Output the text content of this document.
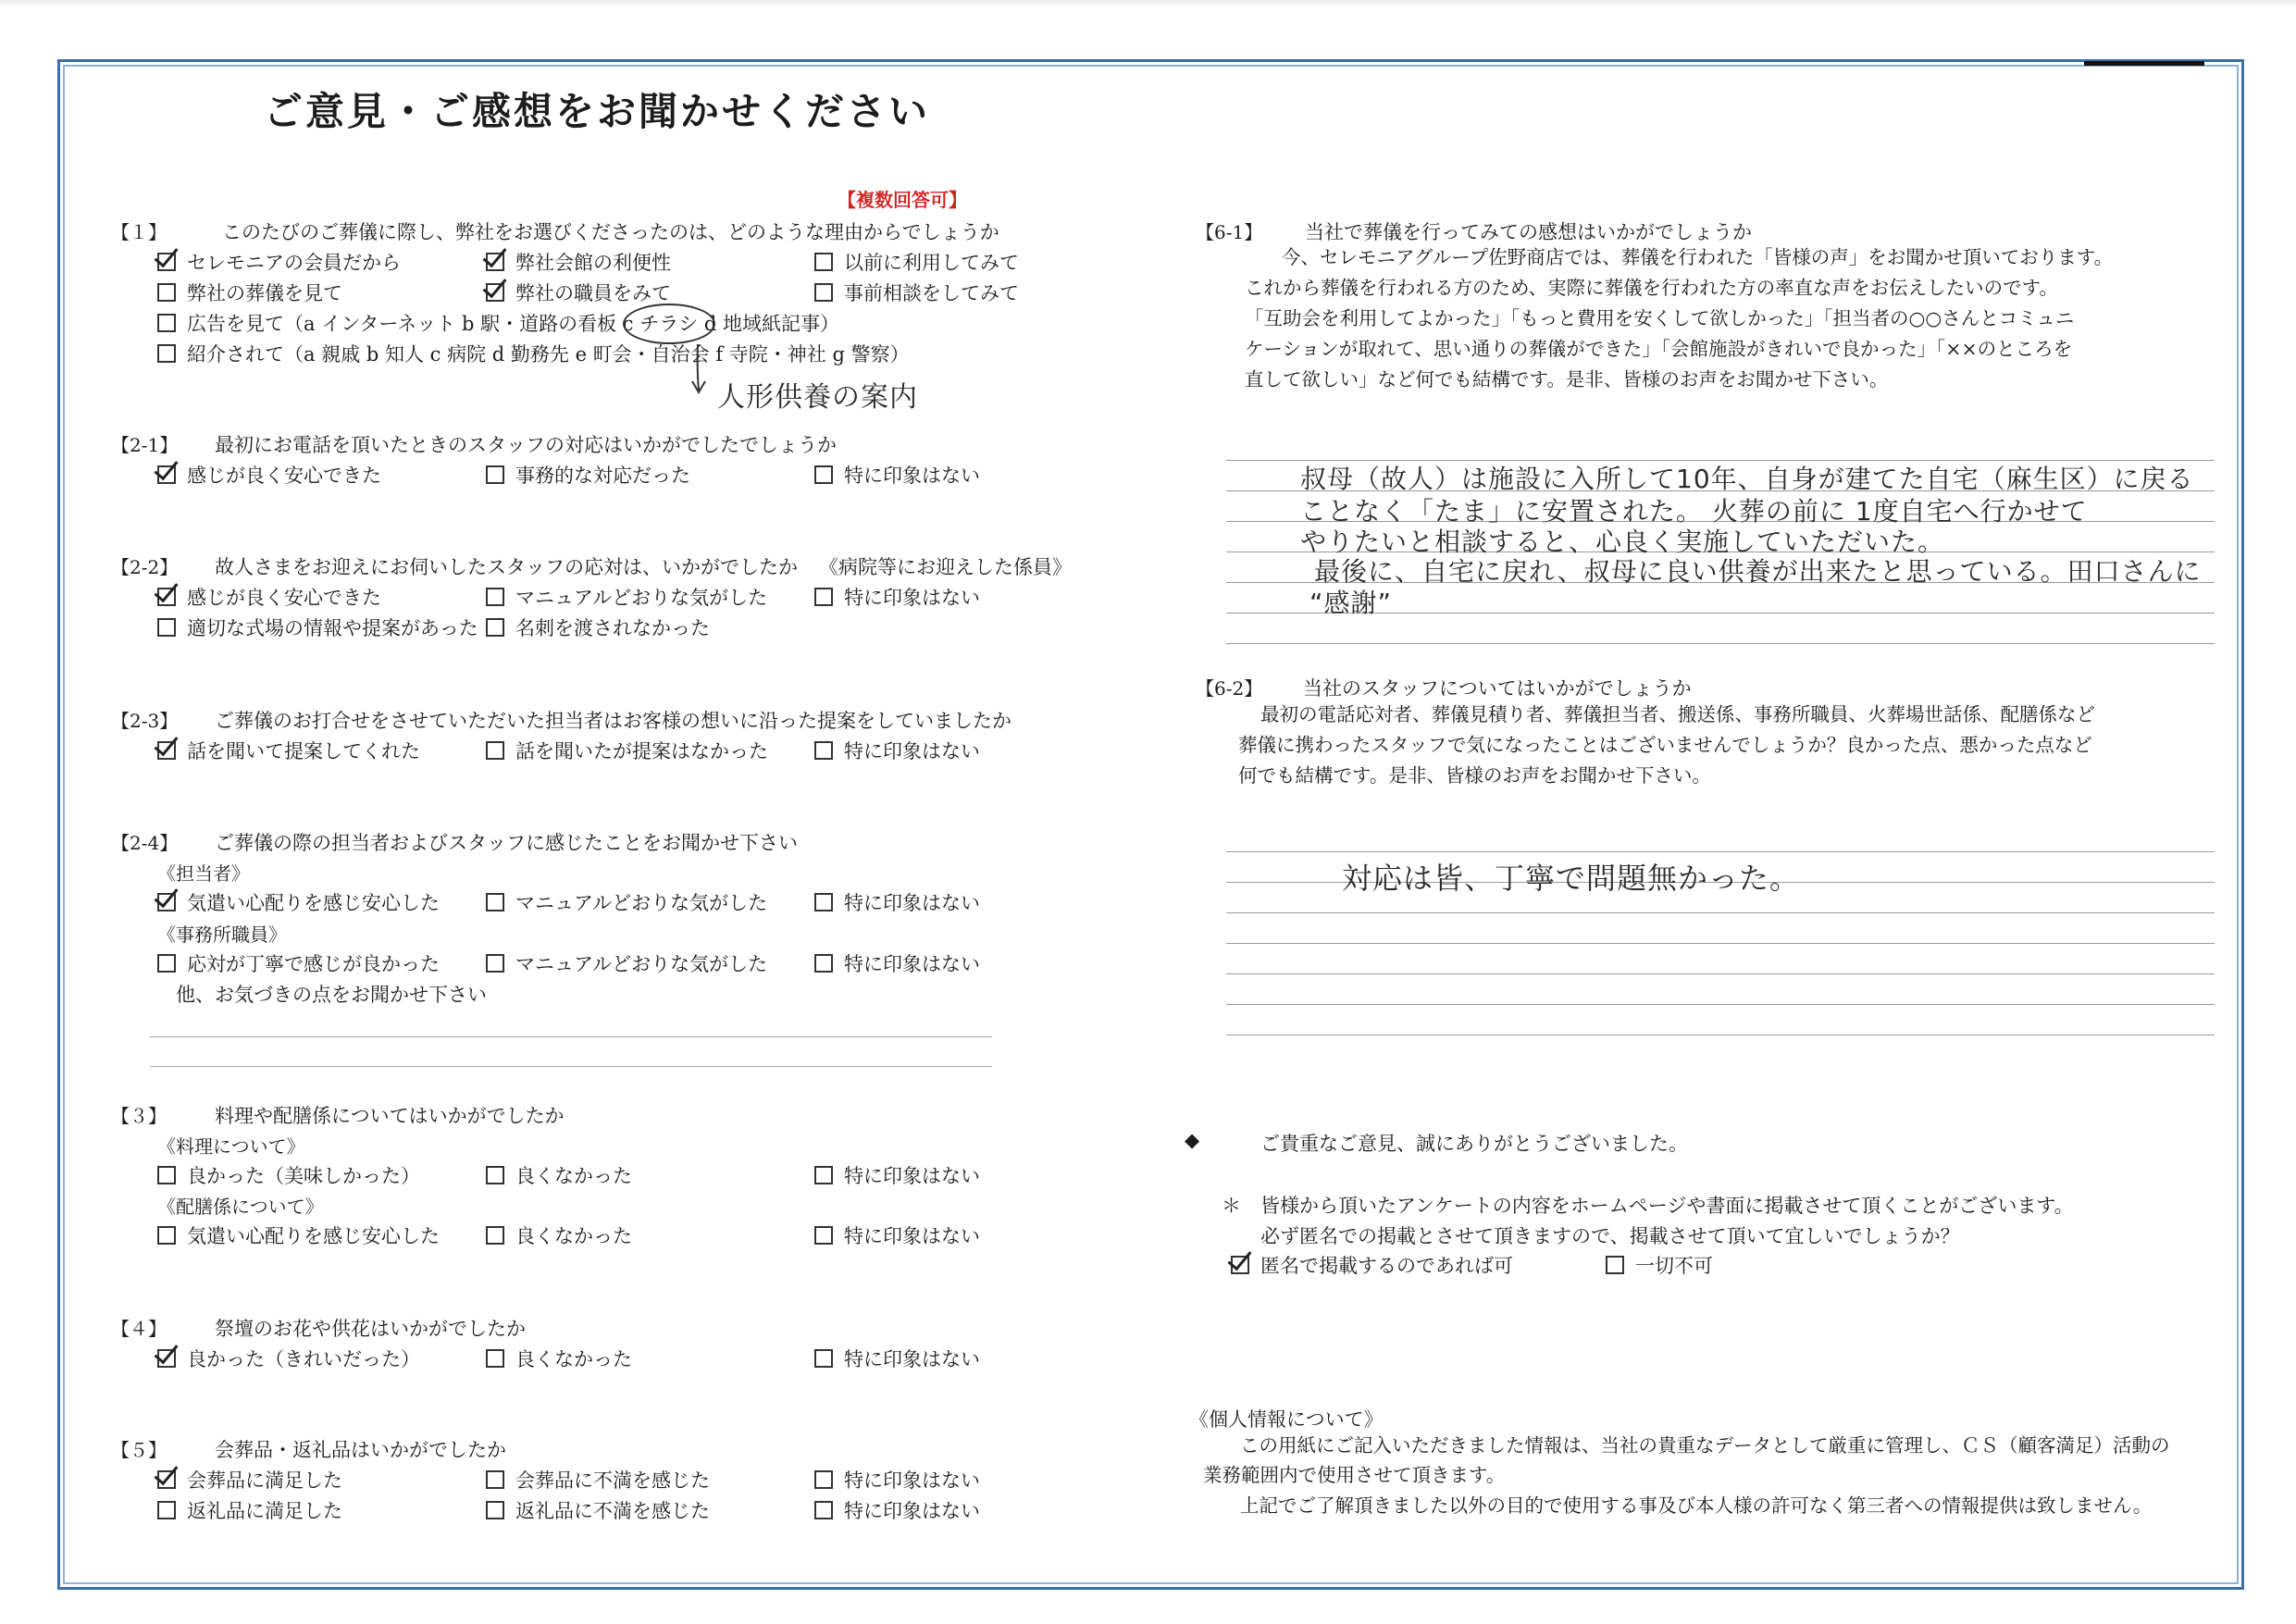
ご意見・ご感想をお聞かせください
【複数回答可】
【１】	このたびのご葬儀に際し、弊社をお選びくださったのは、どのような理由からでしょうか
セレモニアの会員だから	弊社会館の利便性	以前に利用してみて
弊社の葬儀を見て	弊社の職員をみて	事前相談をしてみて
広告を見て（a インターネット b 駅・道路の看板 c チラシ d 地域紙記事）
紹介されて（a 親戚 b 知人 c 病院 d 勤務先 e 町会・自治会 f 寺院・神社 g 警察）
人形供養の案内
【2-1】 最初にお電話を頂いたときのスタッフの対応はいかがでしたでしょうか
感じが良く安心できた	事務的な対応だった	特に印象はない
【2-2】 故人さまをお迎えにお伺いしたスタッフの応対は、いかがでしたか 《病院等にお迎えした係員》
感じが良く安心できた	マニュアルどおりな気がした	特に印象はない
適切な式場の情報や提案があった	名刺を渡されなかった
【2-3】 ご葬儀のお打合せをさせていただいた担当者はお客様の想いに沿った提案をしていましたか
話を聞いて提案してくれた	話を聞いたが提案はなかった	特に印象はない
【2-4】 ご葬儀の際の担当者およびスタッフに感じたことをお聞かせ下さい
《担当者》
気遣い心配りを感じ安心した	マニュアルどおりな気がした	特に印象はない
《事務所職員》
応対が丁寧で感じが良かった	マニュアルどおりな気がした	特に印象はない
他、お気づきの点をお聞かせ下さい
【３】 料理や配膳係についてはいかがでしたか
《料理について》
良かった（美味しかった）	良くなかった	特に印象はない
《配膳係について》
気遣い心配りを感じ安心した	良くなかった	特に印象はない
【４】 祭壇のお花や供花はいかがでしたか
良かった（きれいだった）	良くなかった	特に印象はない
【５】 会葬品・返礼品はいかがでしたか
会葬品に満足した	会葬品に不満を感じた	特に印象はない
返礼品に満足した	返礼品に不満を感じた	特に印象はない
【6-1】 当社で葬儀を行ってみての感想はいかがでしょうか
今、セレモニアグループ佐野商店では、葬儀を行われた「皆様の声」をお聞かせ頂いております。
これから葬儀を行われる方のため、実際に葬儀を行われた方の率直な声をお伝えしたいのです。
「互助会を利用してよかった」「もっと費用を安くして欲しかった」「担当者の○○さんとコミュニ
ケーションが取れて、思い通りの葬儀ができた」「会館施設がきれいで良かった」「××のところを
直して欲しい」など何でも結構です。是非、皆様のお声をお聞かせ下さい。
叔母（故人）は施設に入所して10年、自身が建てた自宅（麻生区）に戻る
ことなく「たま」に安置された。 火葬の前に 1度自宅へ行かせて
やりたいと相談すると、心良く実施していただいた。
最後に、自宅に戻れ、叔母に良い供養が出来たと思っている。田口さんに
“感謝”
【6-2】 当社のスタッフについてはいかがでしょうか
最初の電話応対者、葬儀見積り者、葬儀担当者、搬送係、事務所職員、火葬場世話係、配膳係など
葬儀に携わったスタッフで気になったことはございませんでしょうか？良かった点、悪かった点など
何でも結構です。是非、皆様のお声をお聞かせ下さい。
対応は皆、丁寧で問題無かった。
◆	ご貴重なご意見、誠にありがとうございました。
＊ 皆様から頂いたアンケートの内容をホームページや書面に掲載させて頂くことがございます。
必ず匿名での掲載とさせて頂きますので、掲載させて頂いて宜しいでしょうか？
匿名で掲載するのであれば可	一切不可
《個人情報について》
この用紙にご記入いただきました情報は、当社の貴重なデータとして厳重に管理し、ＣＳ（顧客満足）活動の
業務範囲内で使用させて頂きます。
上記でご了解頂きました以外の目的で使用する事及び本人様の許可なく第三者への情報提供は致しません。
